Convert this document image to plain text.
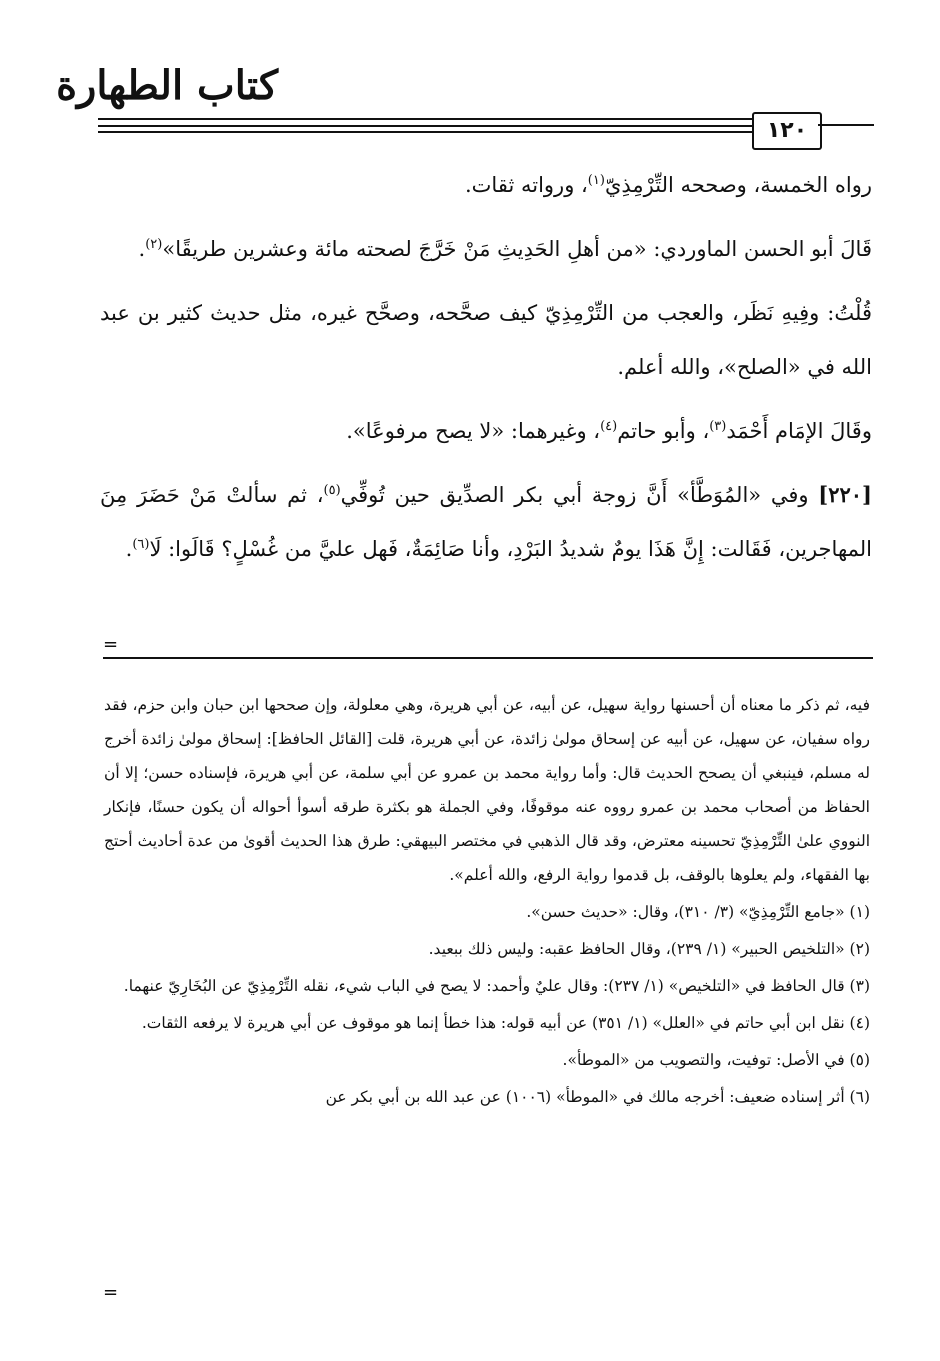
كتاب الطهارة
١٢٠

رواه الخمسة، وصححه التِّرْمِذِيّ$^{(١)}$، ورواته ثقات.

قَالَ أبو الحسن الماوردي: «من أهلِ الحَدِيثِ مَنْ خَرَّجَ لصحته مائة وعشرين طريقًا»$^{(٢)}$.

قُلْتُ: وفِيهِ نَظَر، والعجب من التِّرْمِذِيّ كيف صحَّحه، وصحَّح غيره، مثل حديث كثير بن عبد الله في «الصلح»، والله أعلم.

وقَالَ الإمَام أَحْمَد$^{(٣)}$، وأبو حاتم$^{(٤)}$، وغيرهما: «لا يصح مرفوعًا».

[٢٢٠] وفي «المُوَطَّأ» أَنَّ زوجة أبي بكر الصدِّيق حين تُوفِّي$^{(٥)}$، ثم سألتْ مَنْ حَضَرَ مِنَ المهاجرين، فَقَالت: إِنَّ هَذَا يومٌ شديدُ البَرْدِ، وأنا صَائِمَةٌ، فَهل عليَّ من غُسْلٍ؟ قَالَوا: لَا$^{(٦)}$.

=

فيه، ثم ذكر ما معناه أن أحسنها رواية سهيل، عن أبيه، عن أبي هريرة، وهي معلولة، وإن صححها ابن حبان وابن حزم، فقد رواه سفيان، عن سهيل، عن أبيه عن إسحاق مولىٰ زائدة، عن أبي هريرة، قلت [القائل الحافظ]: إسحاق مولىٰ زائدة أخرج له مسلم، فينبغي أن يصحح الحديث قال: وأما رواية محمد بن عمرو عن أبي سلمة، عن أبي هريرة، فإسناده حسن؛ إلا أن الحفاظ من أصحاب محمد بن عمرو رووه عنه موقوفًا، وفي الجملة هو بكثرة طرقه أسوأ أحواله أن يكون حسنًا، فإنكار النووي علىٰ التِّرْمِذِيّ تحسينه معترض، وقد قال الذهبي في مختصر البيهقي: طرق هذا الحديث أقوىٰ من عدة أحاديث أحتج بها الفقهاء، ولم يعلوها بالوقف، بل قدموا رواية الرفع، والله أعلم».

(١) «جامع التِّرْمِذِيّ» (٣/ ٣١٠)، وقال: «حديث حسن».

(٢) «التلخيص الحبير» (١/ ٢٣٩)، وقال الحافظ عقبه: وليس ذلك ببعيد.

(٣) قال الحافظ في «التلخيص» (١/ ٢٣٧): وقال عليٌ وأحمد: لا يصح في الباب شيء، نقله التِّرْمِذِيّ عن البُخَارِيّ عنهما.

(٤) نقل ابن أبي حاتم في «العلل» (١/ ٣٥١) عن أبيه قوله: هذا خطأ إنما هو موقوف عن أبي هريرة لا يرفعه الثقات.

(٥) في الأصل: توفيت، والتصويب من «الموطأ».

(٦) أثر إسناده ضعيف: أخرجه مالك في «الموطأ» (١٠٠٦) عن عبد الله بن أبي بكر عن

=
